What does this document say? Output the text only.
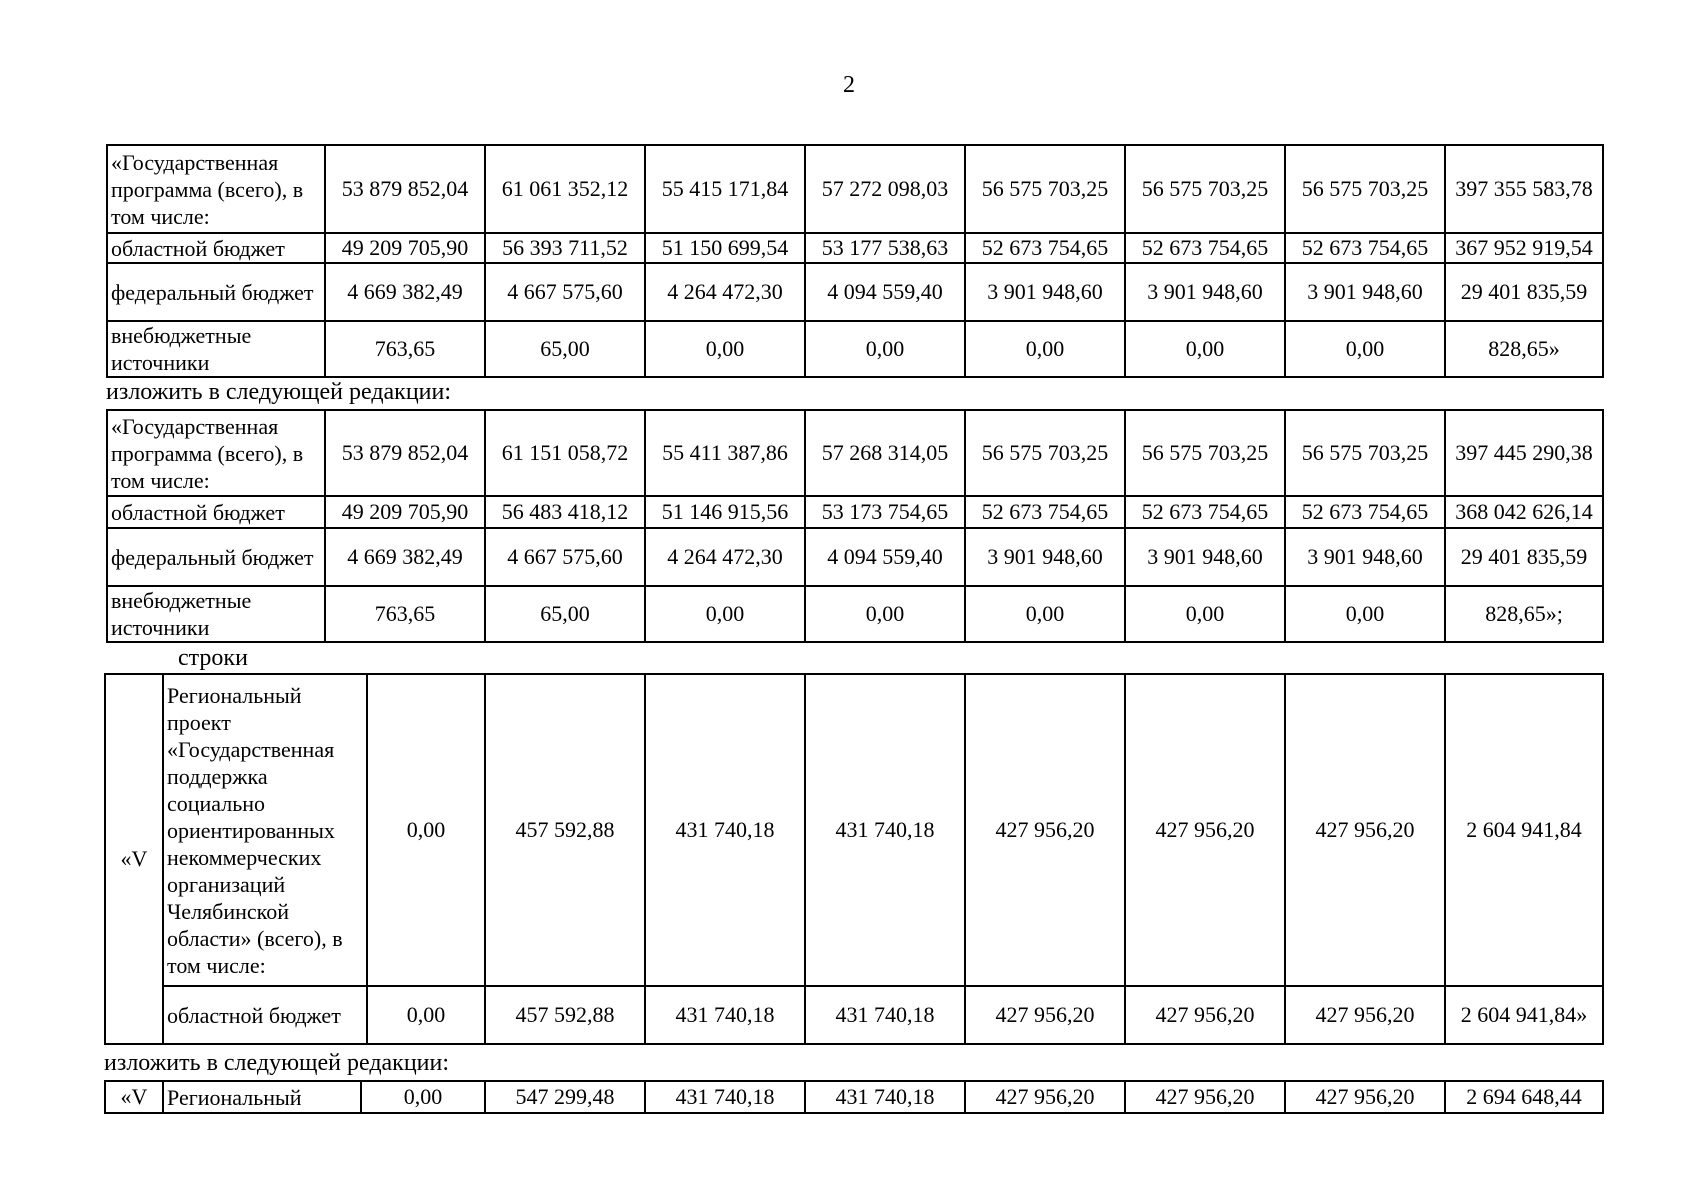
2
«Государственная программа (всего), в том числе:	53 879 852,04	61 061 352,12	55 415 171,84	57 272 098,03	56 575 703,25	56 575 703,25	56 575 703,25	397 355 583,78
областной бюджет	49 209 705,90	56 393 711,52	51 150 699,54	53 177 538,63	52 673 754,65	52 673 754,65	52 673 754,65	367 952 919,54
федеральный бюджет	4 669 382,49	4 667 575,60	4 264 472,30	4 094 559,40	3 901 948,60	3 901 948,60	3 901 948,60	29 401 835,59
внебюджетные источники	763,65	65,00	0,00	0,00	0,00	0,00	0,00	828,65»
изложить в следующей редакции:
«Государственная программа (всего), в том числе:	53 879 852,04	61 151 058,72	55 411 387,86	57 268 314,05	56 575 703,25	56 575 703,25	56 575 703,25	397 445 290,38
областной бюджет	49 209 705,90	56 483 418,12	51 146 915,56	53 173 754,65	52 673 754,65	52 673 754,65	52 673 754,65	368 042 626,14
федеральный бюджет	4 669 382,49	4 667 575,60	4 264 472,30	4 094 559,40	3 901 948,60	3 901 948,60	3 901 948,60	29 401 835,59
внебюджетные источники	763,65	65,00	0,00	0,00	0,00	0,00	0,00	828,65»;
строки
«V	Региональный проект «Государственная поддержка социально ориентированных некоммерческих организаций Челябинской области» (всего), в том числе:	0,00	457 592,88	431 740,18	431 740,18	427 956,20	427 956,20	427 956,20	2 604 941,84
	областной бюджет	0,00	457 592,88	431 740,18	431 740,18	427 956,20	427 956,20	427 956,20	2 604 941,84»
изложить в следующей редакции:
«V	Региональный	0,00	547 299,48	431 740,18	431 740,18	427 956,20	427 956,20	427 956,20	2 694 648,44
